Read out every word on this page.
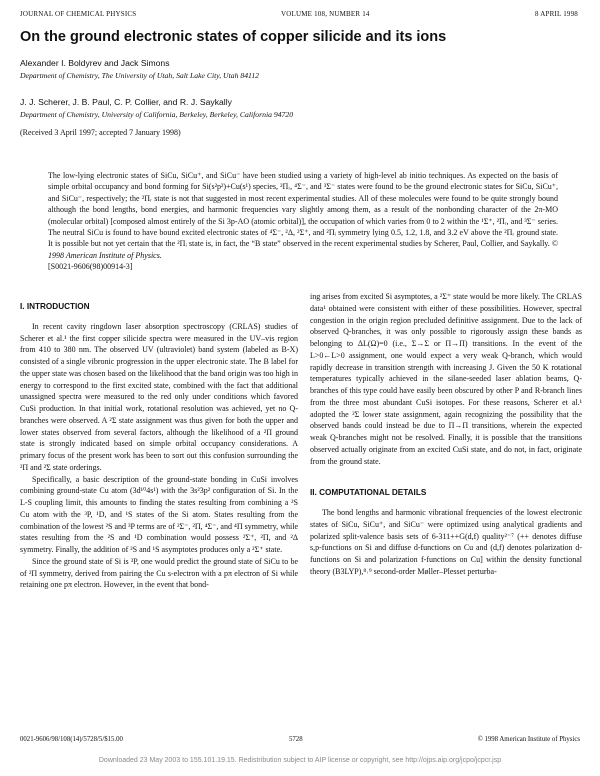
JOURNAL OF CHEMICAL PHYSICS	VOLUME 108, NUMBER 14	8 APRIL 1998
On the ground electronic states of copper silicide and its ions
Alexander I. Boldyrev and Jack Simons
Department of Chemistry, The University of Utah, Salt Lake City, Utah 84112
J. J. Scherer, J. B. Paul, C. P. Collier, and R. J. Saykally
Department of Chemistry, University of California, Berkeley, Berkeley, California 94720
(Received 3 April 1997; accepted 7 January 1998)

The low-lying electronic states of SiCu, SiCu⁺, and SiCu⁻ have been studied using a variety of high-level ab initio techniques. As expected on the basis of simple orbital occupancy and bond forming for Si(s²p²)+Cu(s¹) species, ²Πᵣ, ⁴Σ⁻, and ³Σ⁻ states were found to be the ground electronic states for SiCu, SiCu⁺, and SiCu⁻, respectively; the ²Πᵣ state is not that suggested in most recent experimental studies. All of these molecules were found to be quite strongly bound although the bond lengths, bond energies, and harmonic frequencies vary slightly among them, as a result of the nonbonding character of the 2π-MO (molecular orbital) [composed almost entirely of the Si 3p-AO (atomic orbital)], the occupation of which varies from 0 to 2 within the ¹Σ⁺, ²Πᵣ, and ³Σ⁻ series. The neutral SiCu is found to have bound excited electronic states of ⁴Σ⁻, ²Δ, ²Σ⁺, and ²Πᵢ symmetry lying 0.5, 1.2, 1.8, and 3.2 eV above the ²Πᵣ ground state. It is possible but not yet certain that the ²Πᵢ state is, in fact, the “B state” observed in the recent experimental studies by Scherer, Paul, Collier, and Saykally. © 1998 American Institute of Physics.
[S0021-9606(98)00914-3]

I. INTRODUCTION

In recent cavity ringdown laser absorption spectroscopy (CRLAS) studies of Scherer et al.¹ the first copper silicide spectra were measured in the UV–vis region from 410 to 380 nm. The observed UV (ultraviolet) band system (labeled as B-X) consisted of a single vibronic progression in the upper electronic state. The B label for the upper state was chosen based on the likelihood that the band origin was too high in energy to correspond to the first excited state, combined with the fact that additional unassigned spectra were measured to the red only under conditions which favored CuSi production. In that initial work, rotational resolution was achieved, yet no Q-branches were observed. A ²Σ state assignment was thus given for both the upper and lower states observed from several factors, although the likelihood of a ²Π ground state is strongly indicated based on simple orbital occupancy considerations. A primary focus of the present work has been to sort out this confusion surrounding the ²Π and ²Σ state orderings.

Specifically, a basic description of the ground-state bonding in CuSi involves combining ground-state Cu atom (3d¹⁰4s¹) with the 3s²3p² configuration of Si. In the L-S coupling limit, this amounts to finding the states resulting from combining a ²S Cu atom with the ³P, ¹D, and ¹S states of the Si atom. States resulting from the combination of the lowest ²S and ³P terms are of ²Σ⁻, ²Π, ⁴Σ⁻, and ⁴Π symmetry, while states resulting from the ²S and ¹D combination would possess ²Σ⁺, ²Π, and ²Δ symmetry. Finally, the addition of ²S and ¹S asymptotes produces only a ²Σ⁺ state.

Since the ground state of Si is ³P, one would predict the ground state of SiCu to be of ²Π symmetry, derived from pairing the Cu s-electron with a pπ electron of Si while retaining one pπ electron. However, in the event that bond-

ing arises from excited Si asymptotes, a ²Σ⁺ state would be more likely. The CRLAS data¹ obtained were consistent with either of these possibilities. However, spectral congestion in the origin region precluded definitive assignment. Due to the lack of observed Q-branches, it was only possible to rigorously assign these bands as belonging to ΔL(Ω)=0 (i.e., Σ→Σ or Π→Π) transitions. In the event of the L>0←L>0 assignment, one would expect a very weak Q-branch, which would rapidly decrease in transition strength with increasing J. Given the 50 K rotational temperatures typically achieved in the silane-seeded laser ablation beams, Q-branches of this type could have easily been obscured by other P and R-branch lines from the three most abundant CuSi isotopes. For these reasons, Scherer et al.¹ adopted the ²Σ lower state assignment, again recognizing the possibility that the observed bands could instead be due to Π→Π transitions, wherein the expected weak Q-branches might not be resolved. Finally, it is possible that the transitions observed actually originate from an excited CuSi state, and do not, in fact, originate from the ground state.

II. COMPUTATIONAL DETAILS

The bond lengths and harmonic vibrational frequencies of the lowest electronic states of SiCu, SiCu⁺, and SiCu⁻ were optimized using analytical gradients and polarized split-valence basis sets of 6-311++G(d,f) quality²⁻⁷ (++ denotes diffuse s,p-functions on Si and diffuse d-functions on Cu and (d,f) denotes polarization d-functions on Si and polarization f-functions on Cu] within the density functional theory (B3LYP),⁸˒⁹ second-order Møller–Plesset perturba-

0021-9606/98/108(14)/5728/5/$15.00	5728	© 1998 American Institute of Physics
Downloaded 23 May 2003 to 155.101.19.15. Redistribution subject to AIP license or copyright, see http://ojps.aip.org/jcpo/jcpcr.jsp
